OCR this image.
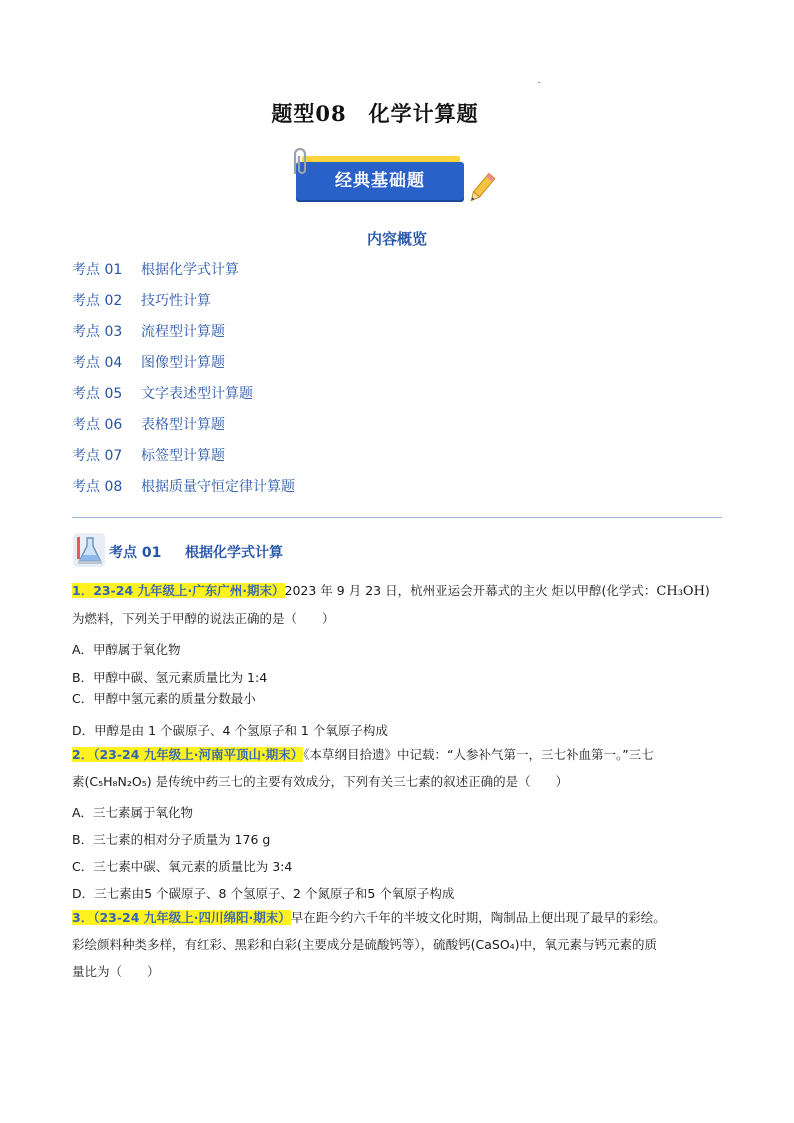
题型08　化学计算题
经典基础题
内容概览
考点 01 根据化学式计算
考点 02 技巧性计算
考点 03 流程型计算题
考点 04 图像型计算题
考点 05 文字表述型计算题
考点 06 表格型计算题
考点 07 标签型计算题
考点 08 根据质量守恒定律计算题
考点 01 根据化学式计算
1．23-24 九年级上·广东广州·期末）2023 年 9 月 23 日，杭州亚运会开幕式的主火 炬以甲醇(化学式：CH₃OH)
为燃料，下列关于甲醇的说法正确的是（　　）
A．甲醇属于氧化物
B．甲醇中碳、氢元素质量比为 1:4
C．甲醇中氢元素的质量分数最小
D．甲醇是由 1 个碳原子、4 个氢原子和 1 个氧原子构成
2．（23-24 九年级上·河南平顶山·期末）《本草纲目拾遗》中记载：“人参补气第一，三七补血第一。”三七
素(C₅H₈N₂O₅) 是传统中药三七的主要有效成分，下列有关三七素的叙述正确的是（　　）
A．三七素属于氧化物
B．三七素的相对分子质量为 176 g
C．三七素中碳、氧元素的质量比为 3:4
D．三七素由5 个碳原子、8 个氢原子、2 个氮原子和5 个氧原子构成
3．（23-24 九年级上·四川绵阳·期末）早在距今约六千年的半坡文化时期，陶制品上便出现了最早的彩绘。
彩绘颜料种类多样，有红彩、黑彩和白彩(主要成分是硫酸钙等），硫酸钙(CaSO₄)中，氧元素与钙元素的质
量比为（　　）
